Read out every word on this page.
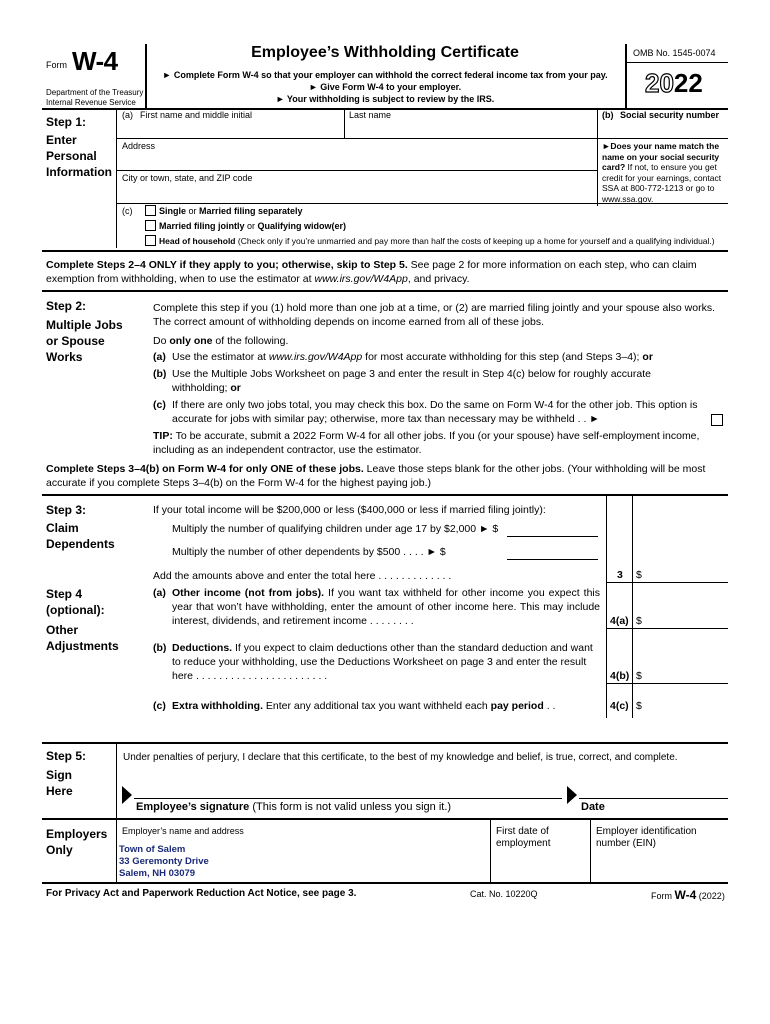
Form W-4
Department of the Treasury
Internal Revenue Service
Employee’s Withholding Certificate
► Complete Form W-4 so that your employer can withhold the correct federal income tax from your pay.
► Give Form W-4 to your employer.
► Your withholding is subject to review by the IRS.
OMB No. 1545-0074
2022
Step 1:
Enter
Personal
Information
(a) First name and middle initial	Last name	(b) Social security number
Address
City or town, state, and ZIP code
►Does your name match the name on your social security card? If not, to ensure you get credit for your earnings, contact SSA at 800-772-1213 or go to www.ssa.gov.
(c)	Single or Married filing separately
Married filing jointly or Qualifying widow(er)
Head of household (Check only if you’re unmarried and pay more than half the costs of keeping up a home for yourself and a qualifying individual.)
Complete Steps 2–4 ONLY if they apply to you; otherwise, skip to Step 5. See page 2 for more information on each step, who can claim exemption from withholding, when to use the estimator at www.irs.gov/W4App, and privacy.
Step 2:
Multiple Jobs
or Spouse
Works
Complete this step if you (1) hold more than one job at a time, or (2) are married filing jointly and your spouse also works. The correct amount of withholding depends on income earned from all of these jobs.
Do only one of the following.
(a) Use the estimator at www.irs.gov/W4App for most accurate withholding for this step (and Steps 3–4); or
(b) Use the Multiple Jobs Worksheet on page 3 and enter the result in Step 4(c) below for roughly accurate withholding; or
(c) If there are only two jobs total, you may check this box. Do the same on Form W-4 for the other job. This option is accurate for jobs with similar pay; otherwise, more tax than necessary may be withheld . . ►
TIP: To be accurate, submit a 2022 Form W-4 for all other jobs. If you (or your spouse) have self-employment income, including as an independent contractor, use the estimator.
Complete Steps 3–4(b) on Form W-4 for only ONE of these jobs. Leave those steps blank for the other jobs. (Your withholding will be most accurate if you complete Steps 3–4(b) on the Form W-4 for the highest paying job.)
Step 3:
Claim
Dependents
If your total income will be $200,000 or less ($400,000 or less if married filing jointly):
Multiply the number of qualifying children under age 17 by $2,000 ► $
Multiply the number of other dependents by $500 . . . . ► $
Add the amounts above and enter the total here . . . . . . . . . . . . .	3 $
Step 4
(optional):
Other
Adjustments
(a) Other income (not from jobs). If you want tax withheld for other income you expect this year that won’t have withholding, enter the amount of other income here. This may include interest, dividends, and retirement income . . . . . . . .	4(a) $
(b) Deductions. If you expect to claim deductions other than the standard deduction and want to reduce your withholding, use the Deductions Worksheet on page 3 and enter the result here . . . . . . . . . . . . . . . . . . . . . . .	4(b) $
(c) Extra withholding. Enter any additional tax you want withheld each pay period . .	4(c) $
Step 5:
Sign
Here
Under penalties of perjury, I declare that this certificate, to the best of my knowledge and belief, is true, correct, and complete.
Employee’s signature (This form is not valid unless you sign it.)	Date
Employers
Only
Employer’s name and address
Town of Salem
33 Geremonty Drive
Salem, NH 03079
First date of employment
Employer identification number (EIN)
For Privacy Act and Paperwork Reduction Act Notice, see page 3.	Cat. No. 10220Q	Form W-4 (2022)
